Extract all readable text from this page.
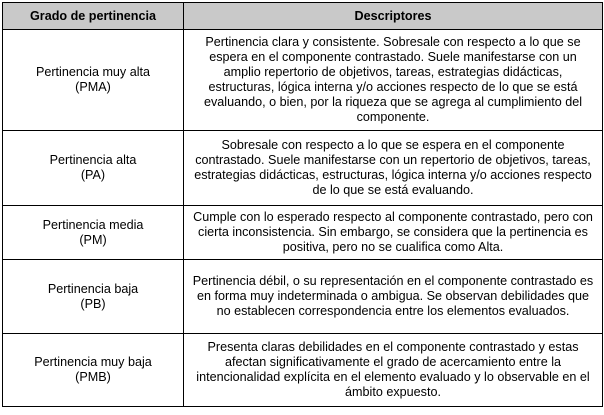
Grado de pertinencia	Descriptores

Pertinencia muy alta
(PMA)	Pertinencia clara y consistente. Sobresale con respecto a lo que se espera en el componente contrastado. Suele manifestarse con un amplio repertorio de objetivos, tareas, estrategias didácticas, estructuras, lógica interna y/o acciones respecto de lo que se está evaluando, o bien, por la riqueza que se agrega al cumplimiento del componente.

Pertinencia alta
(PA)	Sobresale con respecto a lo que se espera en el componente contrastado. Suele manifestarse con un repertorio de objetivos, tareas, estrategias didácticas, estructuras, lógica interna y/o acciones respecto de lo que se está evaluando.

Pertinencia media
(PM)	Cumple con lo esperado respecto al componente contrastado, pero con cierta inconsistencia. Sin embargo, se considera que la pertinencia es positiva, pero no se cualifica como Alta.

Pertinencia baja
(PB)	Pertinencia débil, o su representación en el componente contrastado es en forma muy indeterminada o ambigua. Se observan debilidades que no establecen correspondencia entre los elementos evaluados.

Pertinencia muy baja
(PMB)	Presenta claras debilidades en el componente contrastado y estas afectan significativamente el grado de acercamiento entre la intencionalidad explícita en el elemento evaluado y lo observable en el ámbito expuesto.
